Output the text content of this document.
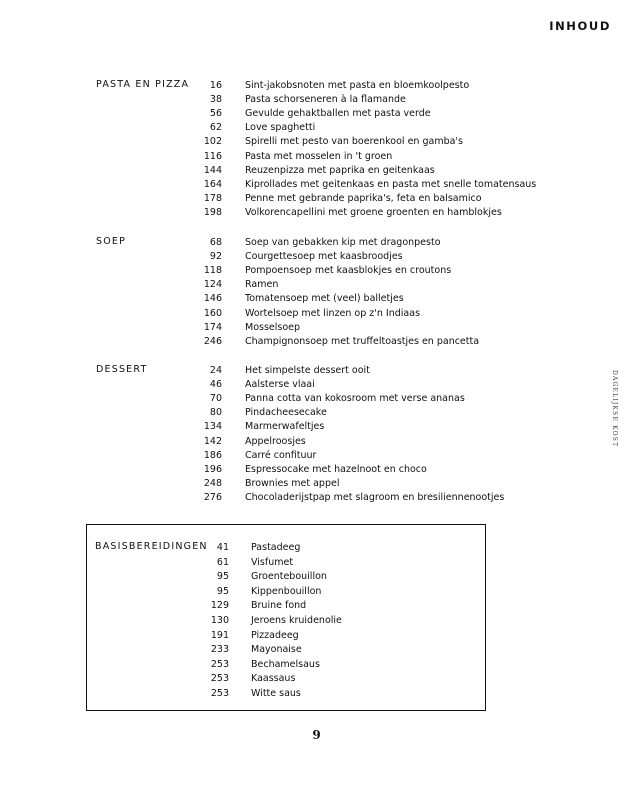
INHOUD
DAGELIJKSE KOST
PASTA EN PIZZA	16 Sint-jakobsnoten met pasta en bloemkoolpesto
38 Pasta schorseneren à la flamande
56 Gevulde gehaktballen met pasta verde
62 Love spaghetti
102 Spirelli met pesto van boerenkool en gamba's
116 Pasta met mosselen in 't groen
144 Reuzenpizza met paprika en geitenkaas
164 Kiprollades met geitenkaas en pasta met snelle tomatensaus
178 Penne met gebrande paprika's, feta en balsamico
198 Volkorencapellini met groene groenten en hamblokjes
SOEP	68 Soep van gebakken kip met dragonpesto
92 Courgettesoep met kaasbroodjes
118 Pompoensoep met kaasblokjes en croutons
124 Ramen
146 Tomatensoep met (veel) balletjes
160 Wortelsoep met linzen op z'n Indiaas
174 Mosselsoep
246 Champignonsoep met truffeltoastjes en pancetta
DESSERT	24 Het simpelste dessert ooit
46 Aalsterse vlaai
70 Panna cotta van kokosroom met verse ananas
80 Pindacheesecake
134 Marmerwafeltjes
142 Appelroosjes
186 Carré confituur
196 Espressocake met hazelnoot en choco
248 Brownies met appel
276 Chocoladerijstpap met slagroom en bresiliennenootjes
BASISBEREIDINGEN 41 Pastadeeg
61 Visfumet
95 Groentebouillon
95 Kippenbouillon
129 Bruine fond
130 Jeroens kruidenolie
191 Pizzadeeg
233 Mayonaise
253 Bechamelsaus
253 Kaassaus
253 Witte saus
9
